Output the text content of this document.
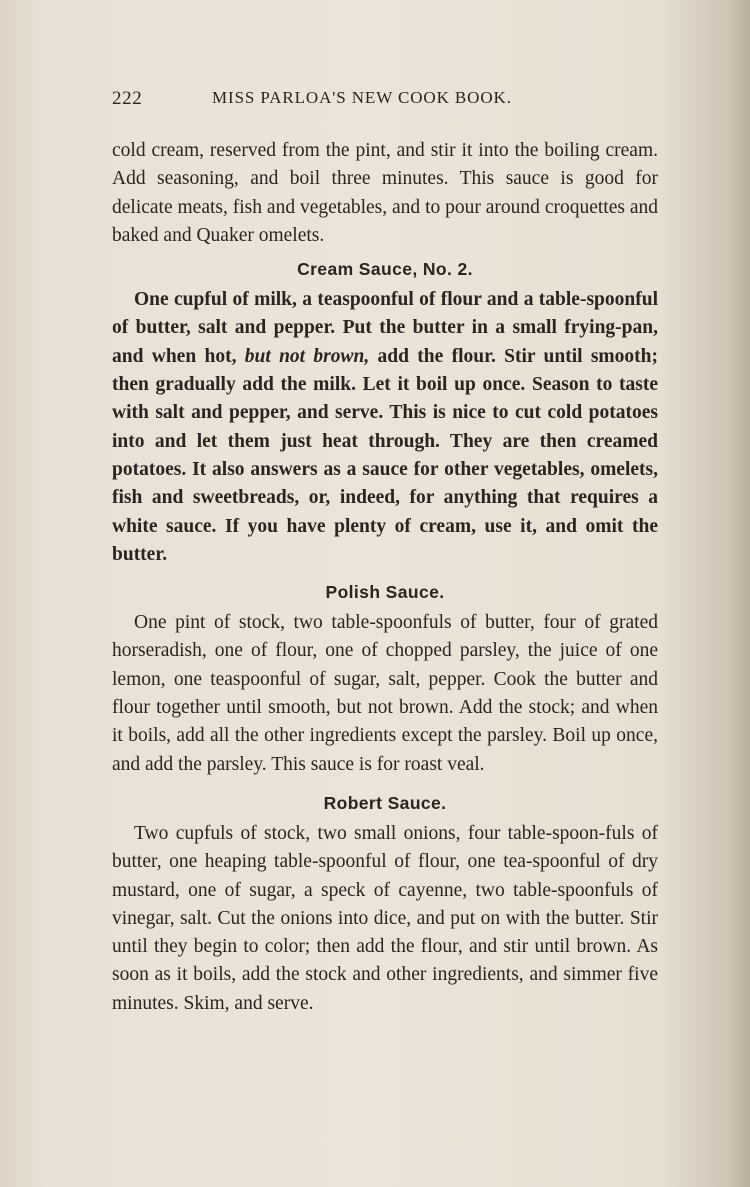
222	MISS PARLOA'S NEW COOK BOOK.

cold cream, reserved from the pint, and stir it into the boiling cream. Add seasoning, and boil three minutes. This sauce is good for delicate meats, fish and vegetables, and to pour around croquettes and baked and Quaker omelets.

Cream Sauce, No. 2.

One cupful of milk, a teaspoonful of flour and a table-spoonful of butter, salt and pepper. Put the butter in a small frying-pan, and when hot, but not brown, add the flour. Stir until smooth; then gradually add the milk. Let it boil up once. Season to taste with salt and pepper, and serve. This is nice to cut cold potatoes into and let them just heat through. They are then creamed potatoes. It also answers as a sauce for other vegetables, omelets, fish and sweetbreads, or, indeed, for anything that requires a white sauce. If you have plenty of cream, use it, and omit the butter.

Polish Sauce.

One pint of stock, two table-spoonfuls of butter, four of grated horseradish, one of flour, one of chopped parsley, the juice of one lemon, one teaspoonful of sugar, salt, pepper. Cook the butter and flour together until smooth, but not brown. Add the stock; and when it boils, add all the other ingredients except the parsley. Boil up once, and add the parsley. This sauce is for roast veal.

Robert Sauce.

Two cupfuls of stock, two small onions, four table-spoon-fuls of butter, one heaping table-spoonful of flour, one tea-spoonful of dry mustard, one of sugar, a speck of cayenne, two table-spoonfuls of vinegar, salt. Cut the onions into dice, and put on with the butter. Stir until they begin to color; then add the flour, and stir until brown. As soon as it boils, add the stock and other ingredients, and simmer five minutes. Skim, and serve.
